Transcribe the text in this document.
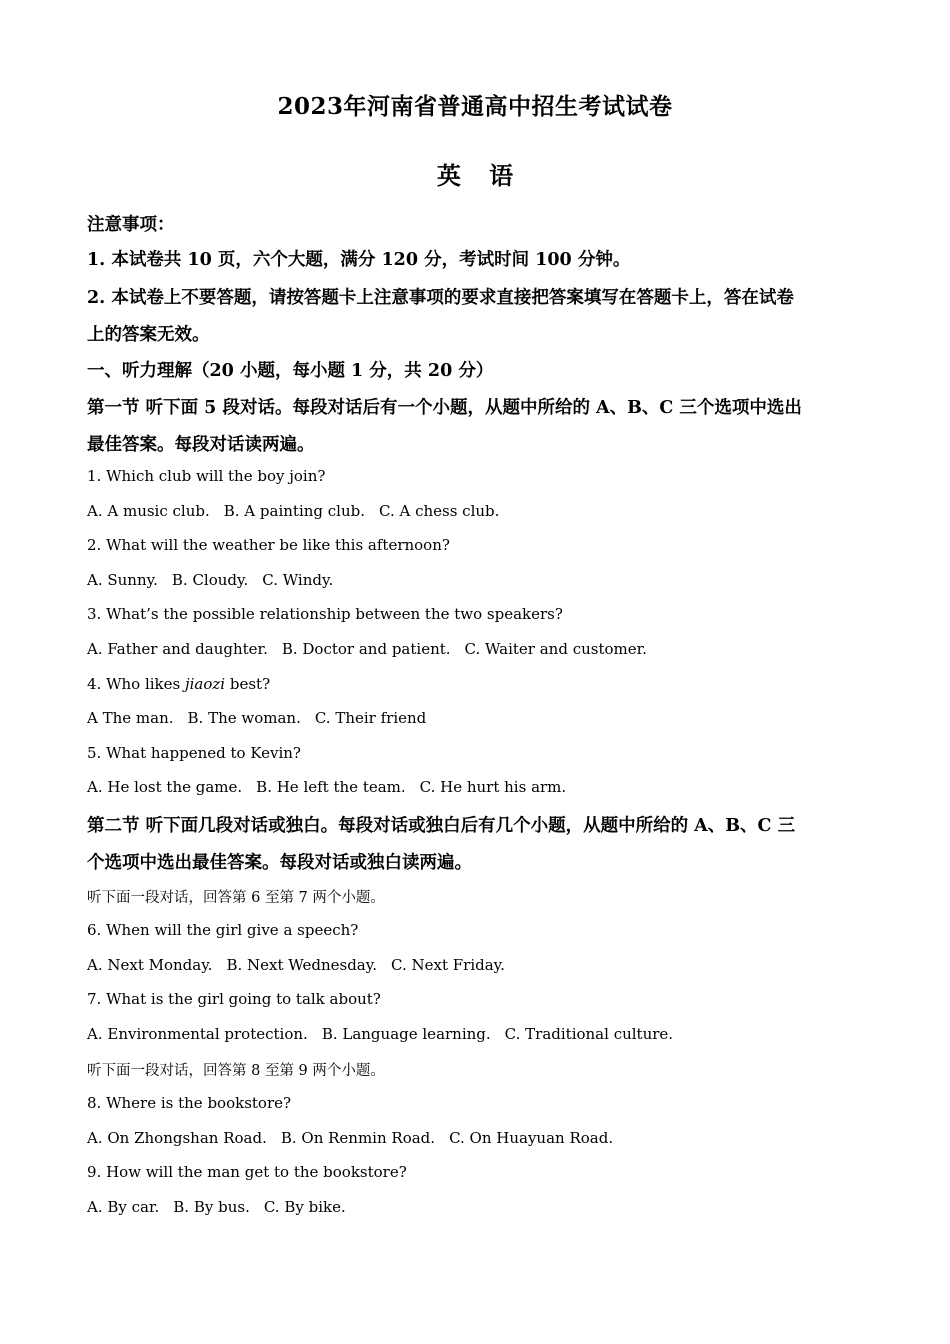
2023年河南省普通高中招生考试试卷
英 语
注意事项：
1. 本试卷共 10 页，六个大题，满分 120 分，考试时间 100 分钟。
2. 本试卷上不要答题，请按答题卡上注意事项的要求直接把答案填写在答题卡上，答在试卷
上的答案无效。
一、听力理解（20 小题，每小题 1 分，共 20 分）
第一节 听下面 5 段对话。每段对话后有一个小题，从题中所给的 A、B、C 三个选项中选出
最佳答案。每段对话读两遍。
1. Which club will the boy join?
A. A music club. B. A painting club. C. A chess club.
2. What will the weather be like this afternoon?
A. Sunny. B. Cloudy. C. Windy.
3. What’s the possible relationship between the two speakers?
A. Father and daughter. B. Doctor and patient. C. Waiter and customer.
4. Who likes jiaozi best?
A The man. B. The woman. C. Their friend
5. What happened to Kevin?
A. He lost the game. B. He left the team. C. He hurt his arm.
第二节 听下面几段对话或独白。每段对话或独白后有几个小题，从题中所给的 A、B、C 三
个选项中选出最佳答案。每段对话或独白读两遍。
听下面一段对话，回答第 6 至第 7 两个小题。
6. When will the girl give a speech?
A. Next Monday. B. Next Wednesday. C. Next Friday.
7. What is the girl going to talk about?
A. Environmental protection. B. Language learning. C. Traditional culture.
听下面一段对话，回答第 8 至第 9 两个小题。
8. Where is the bookstore?
A. On Zhongshan Road. B. On Renmin Road. C. On Huayuan Road.
9. How will the man get to the bookstore?
A. By car. B. By bus. C. By bike.
